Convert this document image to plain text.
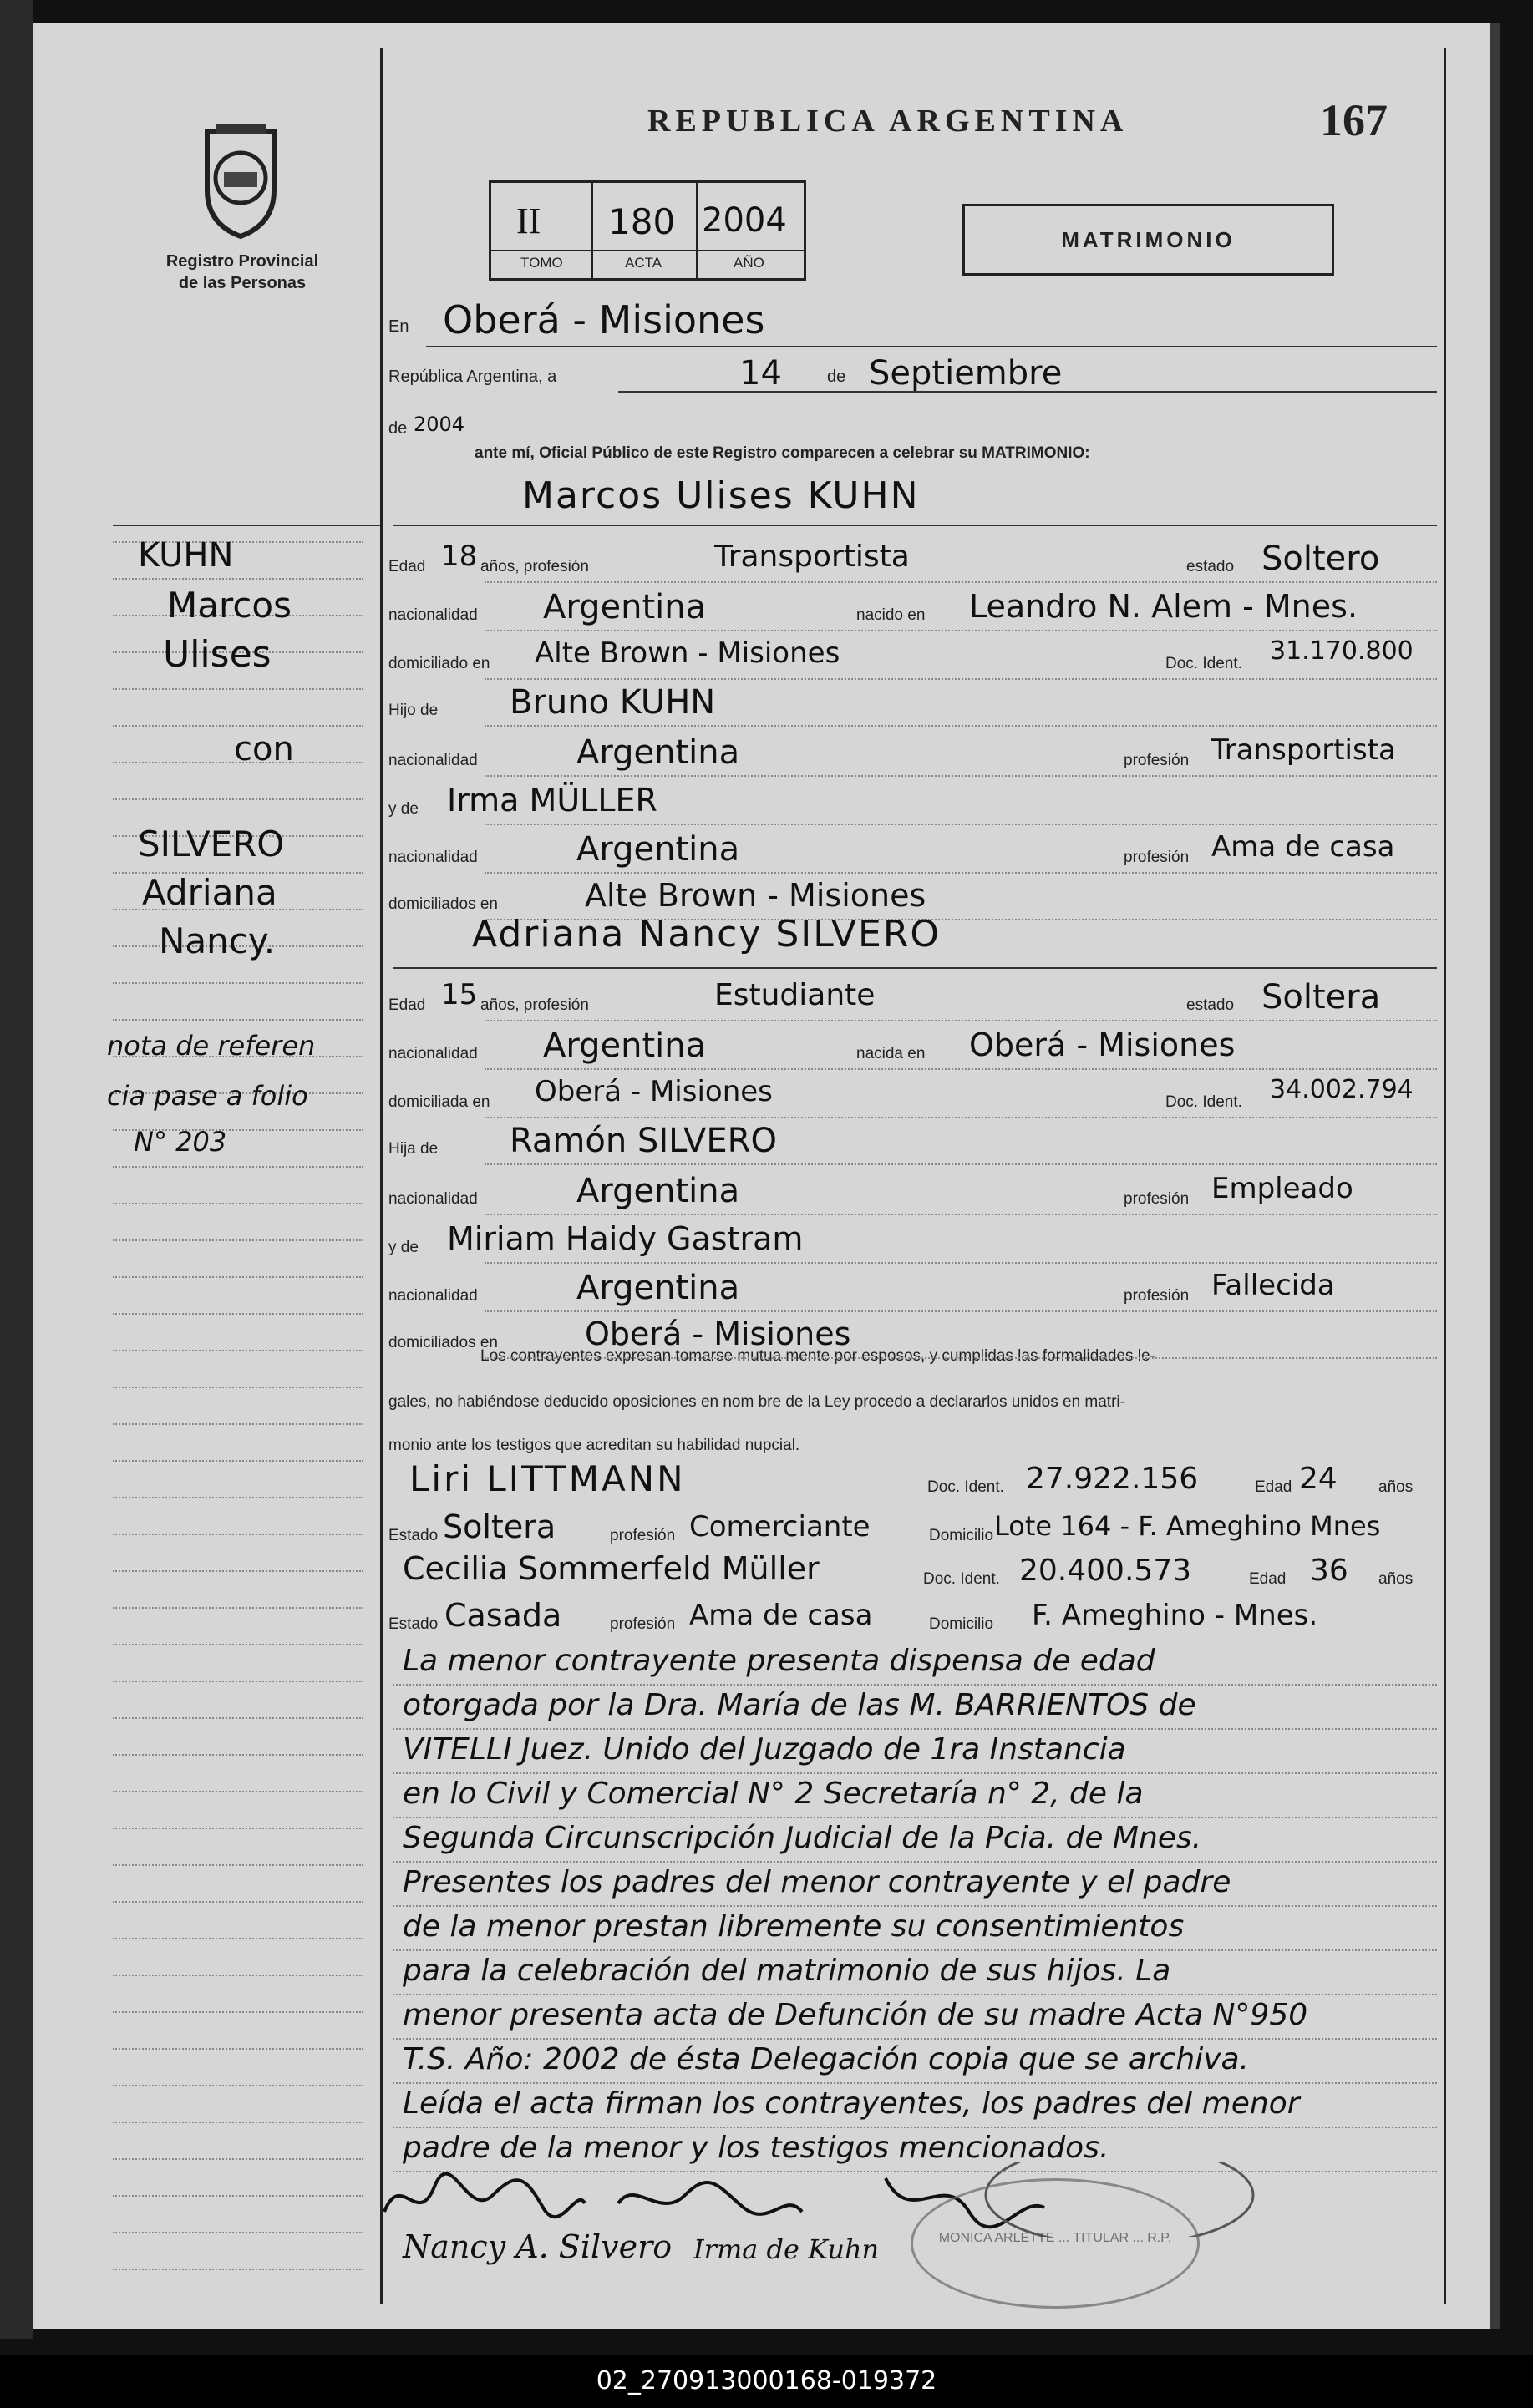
Registro Provincial
de las Personas
REPUBLICA ARGENTINA	167
II 180 2004
TOMO	ACTA	AÑO
MATRIMONIO
En Oberá - Misiones
República Argentina, a	14	de Septiembre
de 2004
ante mí, Oficial Público de este Registro comparecen a celebrar su MATRIMONIO:
Marcos Ulises KUHN
Los contrayentes expresan tomarse mutua mente por esposos, y cumplidas las formalidades le-
gales, no habiéndose deducido oposiciones en nom bre de la Ley procedo a declararlos unidos en matri-
monio ante los testigos que acreditan su habilidad nupcial.
Liri LITTMANN	Doc. Ident. 27.922.156	Edad 24	años
Estado Soltera	profesión Comerciante	Domicilio Lote 164 - F. Ameghino Mnes
Cecilia Sommerfeld Müller	Doc. Ident. 20.400.573	Edad 36 años
Estado Casada	profesión Ama de casa	Domicilio F. Ameghino - Mnes.
Nancy A. Silvero Irma de Kuhn	MONICA ARLETTE ... TITULAR ... R.P.
KUHN
Marcos
Ulises
con
SILVERO
Adriana
Nancy.
nota de referen
cia pase a folio
N° 203
Edad 18 años, profesión	Transportista	estado Soltero
nacionalidad Argentina	nacido en Leandro N. Alem - Mnes.
domiciliado en Alte Brown - Misiones	Doc. Ident. 31.170.800
Hijo de Bruno KUHN
nacionalidad	Argentina	profesión Transportista
y de Irma MÜLLER
nacionalidad	Argentina	profesión Ama de casa
domiciliados en	Alte Brown - Misiones
Adriana Nancy SILVERO
Edad 15 años, profesión	Estudiante	estado Soltera
nacionalidad Argentina	nacida en Oberá - Misiones
domiciliada en Oberá - Misiones	Doc. Ident. 34.002.794
Hija de Ramón SILVERO
nacionalidad	Argentina	profesión Empleado
y de Miriam Haidy Gastram
nacionalidad	Argentina	profesión Fallecida
domiciliados en	Oberá - Misiones
La menor contrayente presenta dispensa de edad
otorgada por la Dra. María de las M. BARRIENTOS de
VITELLI Juez. Unido del Juzgado de 1ra Instancia
en lo Civil y Comercial N° 2 Secretaría n° 2, de la
Segunda Circunscripción Judicial de la Pcia. de Mnes.
Presentes los padres del menor contrayente y el padre
de la menor prestan libremente su consentimientos
para la celebración del matrimonio de sus hijos. La
menor presenta acta de Defunción de su madre Acta N°950
T.S. Año: 2002 de ésta Delegación copia que se archiva.
Leída el acta firman los contrayentes, los padres del menor
padre de la menor y los testigos mencionados.
02_270913000168-019372
